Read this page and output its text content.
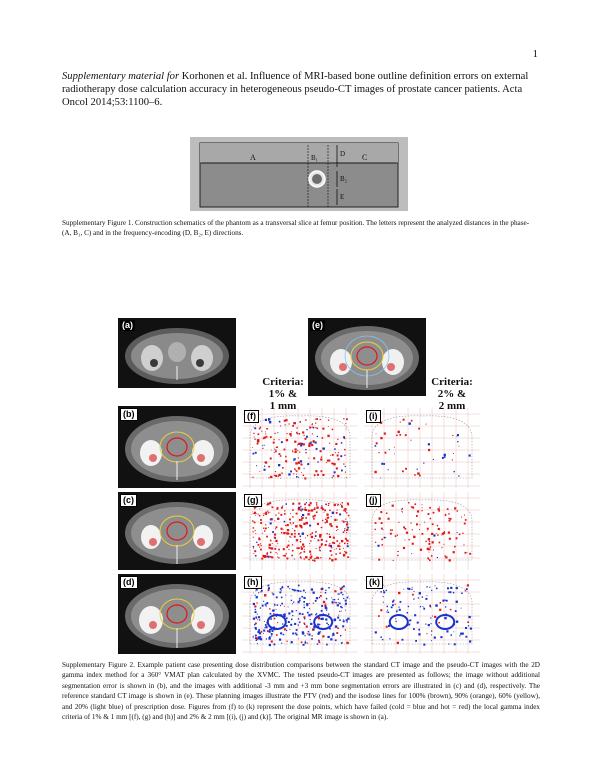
1
Supplementary material for Korhonen et al. Influence of MRI-based bone outline definition errors on external radiotherapy dose calculation accuracy in heterogeneous pseudo-CT images of prostate cancer patients. Acta Oncol 2014;53:1100–6.
A	B₁	C
D
B₂
E
Supplementary Figure 1. Construction schematics of the phantom as a transversal slice at femur position. The letters represent the analyzed distances in the phase- (A, B₁, C) and in the frequency-encoding (D, B₂, E) directions.
(a)	(e)
Criteria:
1% &
1 mm
Criteria:
2% &
2 mm
(b)
(c)
(d)
(f)
(g)
(h)
(i)
(j)
(k)
Supplementary Figure 2. Example patient case presenting dose distribution comparisons between the standard CT image and the pseudo-CT images with the 2D gamma index method for a 360° VMAT plan calculated by the XVMC. The tested pseudo-CT images are presented as follows; the image without additional segmentation error is shown in (b), and the images with additional -3 mm and +3 mm bone segmentation errors are illustrated in (c) and (d), respectively. The reference standard CT image is shown in (e). These planning images illustrate the PTV (red) and the isodose lines for 100% (brown), 90% (orange), 60% (yellow), and 20% (light blue) of prescription dose. Figures from (f) to (k) represent the dose points, which have failed (cold = blue and hot = red) the local gamma index criteria of 1% & 1 mm [(f), (g) and (h)] and 2% & 2 mm [(i), (j) and (k)]. The original MR image is shown in (a).
